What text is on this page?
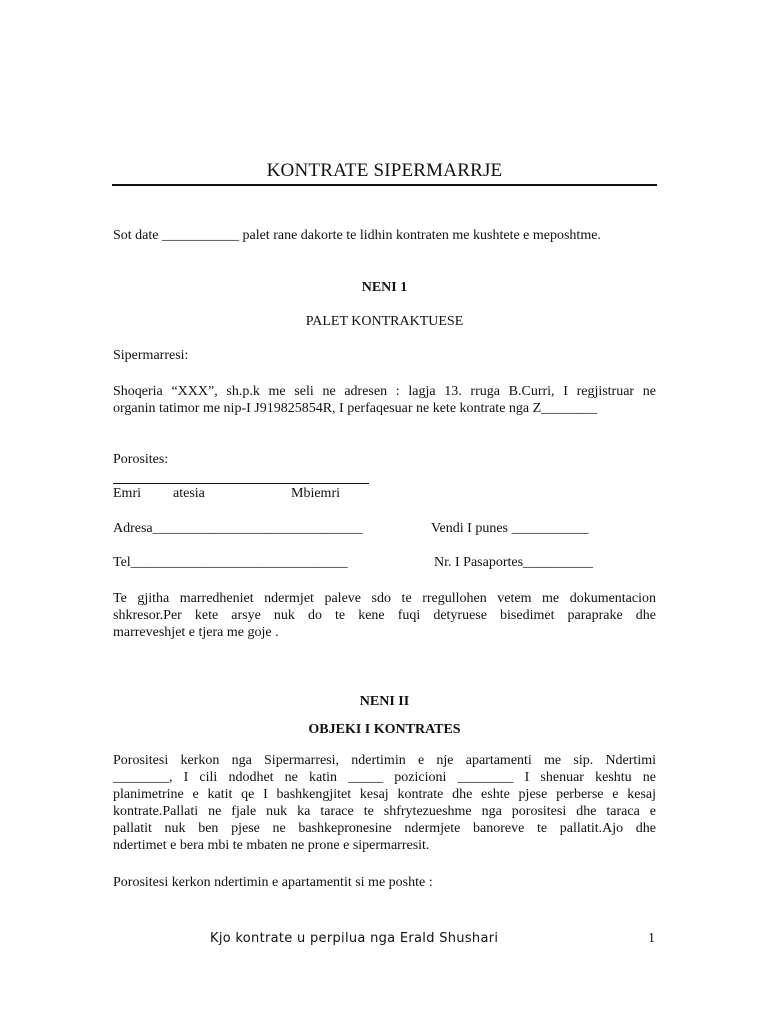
KONTRATE SIPERMARRJE
Sot date ___________ palet rane dakorte te lidhin kontraten me kushtete e meposhtme.
NENI 1
PALET KONTRAKTUESE
Sipermarresi:
Shoqeria “XXX”, sh.p.k me seli ne adresen : lagja 13. rruga B.Curri, I regjistruar ne
organin tatimor me nip-I J919825854R, I perfaqesuar ne kete kontrate nga Z________
Porosites:
Emri atesia	Mbiemri
Adresa______________________________	Vendi I punes ___________
Tel_______________________________	Nr. I Pasaportes__________
Te gjitha marredheniet ndermjet paleve sdo te rregullohen vetem me dokumentacion
shkresor.Per kete arsye nuk do te kene fuqi detyruese bisedimet paraprake dhe
marreveshjet e tjera me goje .
NENI II
OBJEKI I KONTRATES
Porositesi kerkon nga Sipermarresi, ndertimin e nje apartamenti me sip. Ndertimi
________, I cili ndodhet ne katin _____ pozicioni ________ I shenuar keshtu ne
planimetrine e katit qe I bashkengjitet kesaj kontrate dhe eshte pjese perberse e kesaj
kontrate.Pallati ne fjale nuk ka tarace te shfrytezueshme nga porositesi dhe taraca e
pallatit nuk ben pjese ne bashkepronesine ndermjete banoreve te pallatit.Ajo dhe
ndertimet e bera mbi te mbaten ne prone e sipermarresit.
Porositesi kerkon ndertimin e apartamentit si me poshte :
Kjo kontrate u perpilua nga Erald Shushari	1
